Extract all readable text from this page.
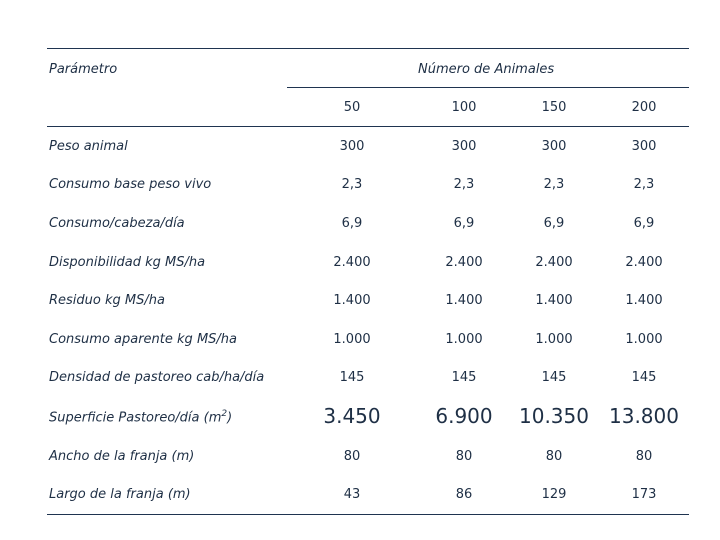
Parámetro	Número de Animales
50	100	150	200
Peso animal	300	300	300	300
Consumo base peso vivo	2,3	2,3	2,3	2,3
Consumo/cabeza/día	6,9	6,9	6,9	6,9
Disponibilidad kg MS/ha	2.400	2.400	2.400	2.400
Residuo kg MS/ha	1.400	1.400	1.400	1.400
Consumo aparente kg MS/ha	1.000	1.000	1.000	1.000
Densidad de pastoreo cab/ha/día	145	145	145	145
Superficie Pastoreo/día $(m^2)$	3.450	6.900	10.350	13.800
Ancho de la franja (m)	80	80	80	80
Largo de la franja (m)	43	86	129	173
